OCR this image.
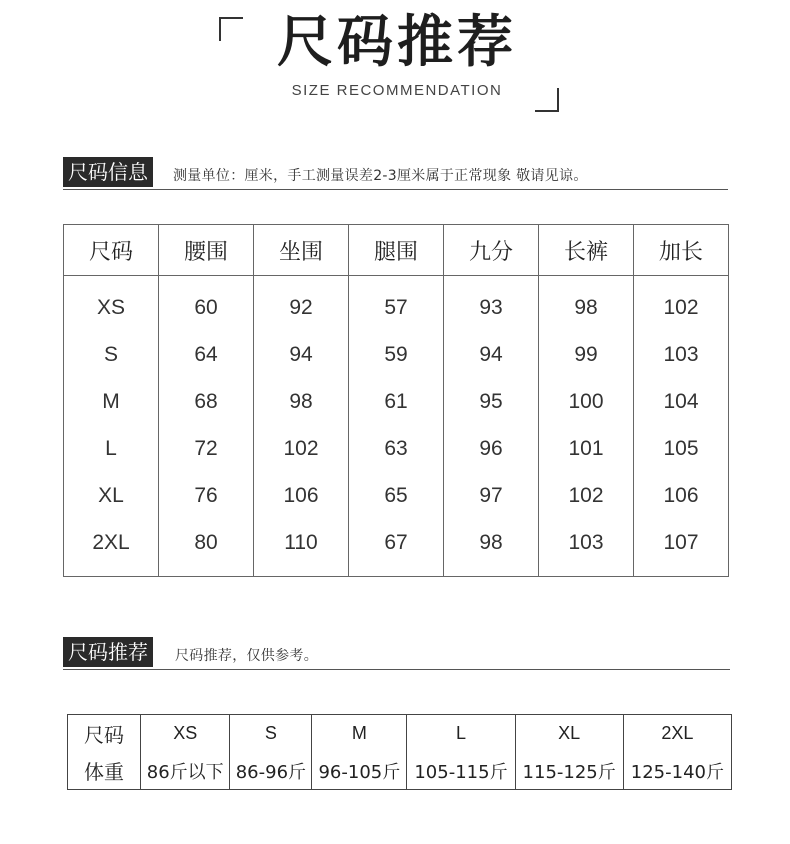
尺码推荐
SIZE RECOMMENDATION
尺码信息	测量单位：厘米，手工测量误差2-3厘米属于正常现象 敬请见谅。
尺码	腰围	坐围	腿围	九分	长裤	加长
XS	60	92	57	93	98	102
S	64	94	59	94	99	103
M	68	98	61	95	100	104
L	72	102	63	96	101	105
XL	76	106	65	97	102	106
2XL	80	110	67	98	103	107
尺码推荐	尺码推荐，仅供参考。
尺码	XS	S	M	L	XL	2XL
体重	86斤以下	86-96斤	96-105斤	105-115斤	115-125斤	125-140斤
